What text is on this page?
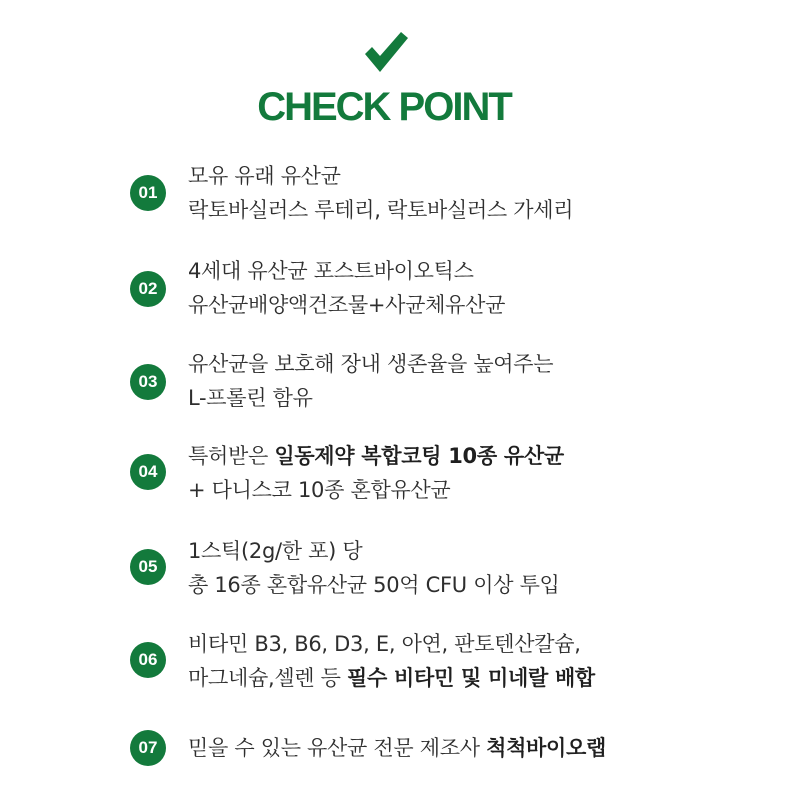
CHECK POINT
01
모유 유래 유산균
락토바실러스 루테리, 락토바실러스 가세리
02
4세대 유산균 포스트바이오틱스
유산균배양액건조물+사균체유산균
03
유산균을 보호해 장내 생존율을 높여주는
L-프롤린 함유
04
특허받은 일동제약 복합코팅 10종 유산균
+ 다니스코 10종 혼합유산균
05
1스틱(2g/한 포) 당
총 16종 혼합유산균 50억 CFU 이상 투입
06
비타민 B3, B6, D3, E, 아연, 판토텐산칼슘,
마그네슘,셀렌 등 필수 비타민 및 미네랄 배합
07	믿을 수 있는 유산균 전문 제조사 척척바이오랩
